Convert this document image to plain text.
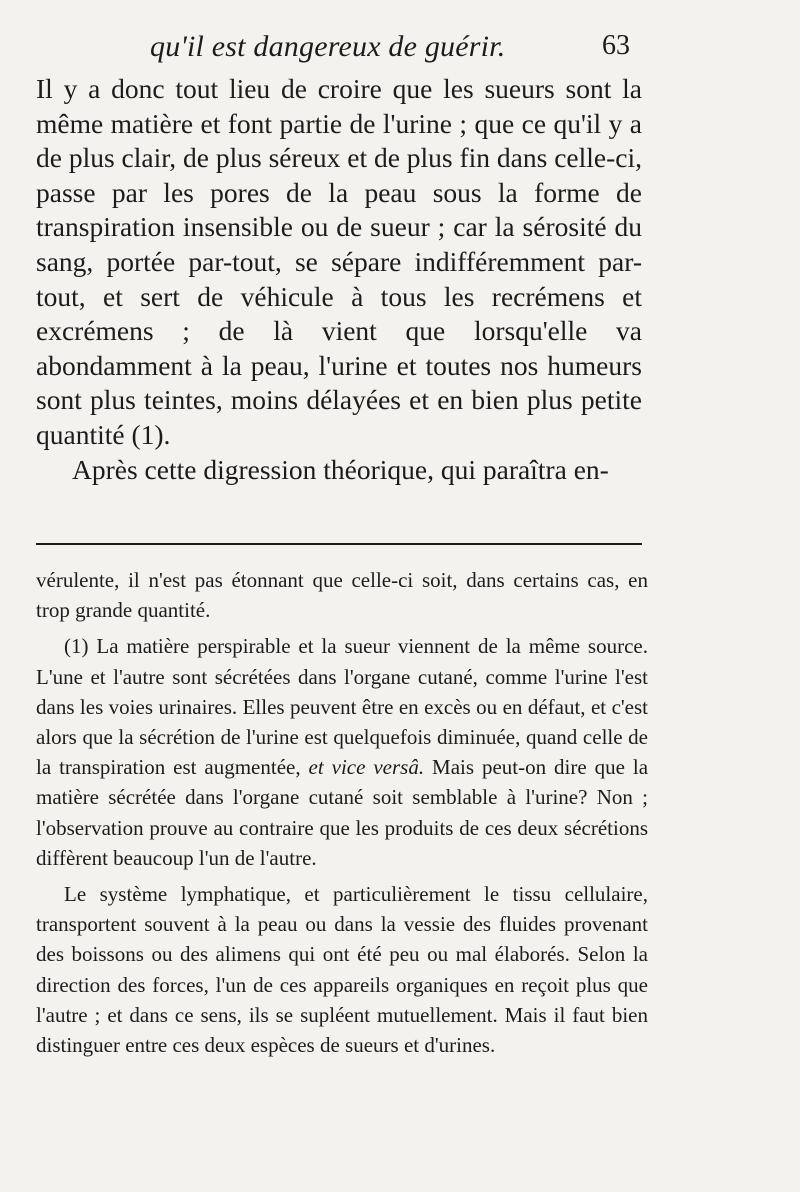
qu'il est dangereux de guérir.	63

Il y a donc tout lieu de croire que les sueurs sont la même matière et font partie de l'urine ; que ce qu'il y a de plus clair, de plus séreux et de plus fin dans celle-ci, passe par les pores de la peau sous la forme de transpiration insensible ou de sueur ; car la sérosité du sang, portée par-tout, se sépare indifféremment par-tout, et sert de véhicule à tous les recrémens et excrémens ; de là vient que lorsqu'elle va abondamment à la peau, l'urine et toutes nos humeurs sont plus teintes, moins délayées et en bien plus petite quantité (1).

Après cette digression théorique, qui paraîtra en-

vérulente, il n'est pas étonnant que celle-ci soit, dans certains cas, en trop grande quantité.

(1) La matière perspirable et la sueur viennent de la même source. L'une et l'autre sont sécrétées dans l'organe cutané, comme l'urine l'est dans les voies urinaires. Elles peuvent être en excès ou en défaut, et c'est alors que la sécrétion de l'urine est quelquefois diminuée, quand celle de la transpiration est augmentée, et vice versâ. Mais peut-on dire que la matière sécrétée dans l'organe cutané soit semblable à l'urine? Non ; l'observation prouve au contraire que les produits de ces deux sécrétions diffèrent beaucoup l'un de l'autre.

Le système lymphatique, et particulièrement le tissu cellulaire, transportent souvent à la peau ou dans la vessie des fluides provenant des boissons ou des alimens qui ont été peu ou mal élaborés. Selon la direction des forces, l'un de ces appareils organiques en reçoit plus que l'autre ; et dans ce sens, ils se supléent mutuellement. Mais il faut bien distinguer entre ces deux espèces de sueurs et d'urines.
